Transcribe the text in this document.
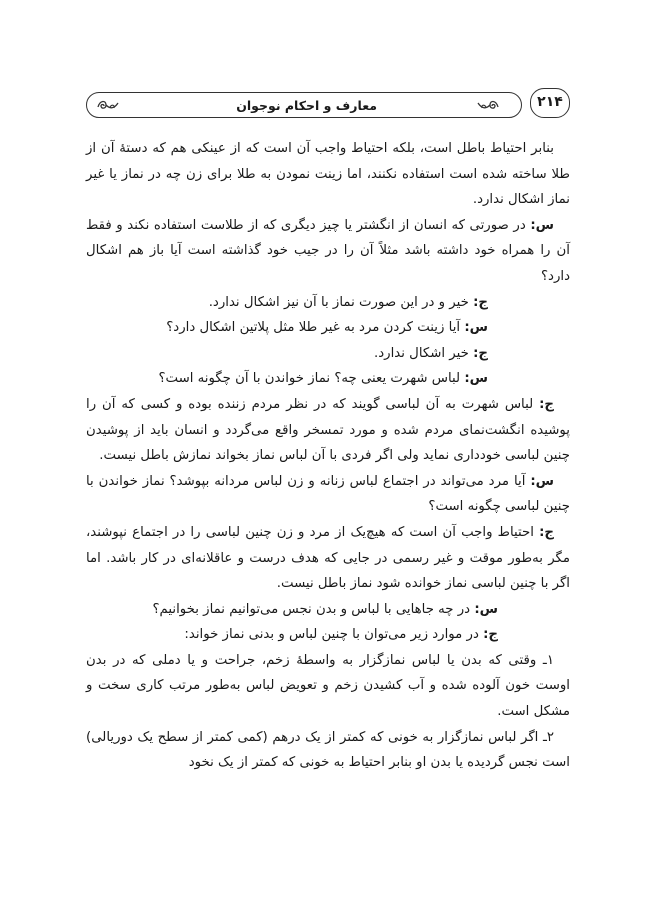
معارف و احکام نوجوان	۲۱۴

بنابر احتیاط باطل است، بلکه احتیاط واجب آن است که از عینکی هم که دستهٔ آن از طلا ساخته شده است استفاده نکنند، اما زینت نمودن به طلا برای زن چه در نماز یا غیر نماز اشکال ندارد.

س: در صورتی که انسان از انگشتر یا چیز دیگری که از طلاست استفاده نکند و فقط آن را همراه خود داشته باشد مثلاً آن را در جیب خود گذاشته است آیا باز هم اشکال دارد؟

ج: خیر و در این صورت نماز با آن نیز اشکال ندارد.

س: آیا زینت کردن مرد به غیر طلا مثل پلاتین اشکال دارد؟

ج: خیر اشکال ندارد.

س: لباس شهرت یعنی چه؟ نماز خواندن با آن چگونه است؟

ج: لباس شهرت به آن لباسی گویند که در نظر مردم زننده بوده و کسی که آن را پوشیده انگشت‌نمای مردم شده و مورد تمسخر واقع می‌گردد و انسان باید از پوشیدن چنین لباسی خودداری نماید ولی اگر فردی با آن لباس نماز بخواند نمازش باطل نیست.

س: آیا مرد می‌تواند در اجتماع لباس زنانه و زن لباس مردانه بپوشد؟ نماز خواندن با چنین لباسی چگونه است؟

ج: احتیاط واجب آن است که هیچ‌یک از مرد و زن چنین لباسی را در اجتماع نپوشند، مگر به‌طور موقت و غیر رسمی در جایی که هدف درست و عاقلانه‌ای در کار باشد. اما اگر با چنین لباسی نماز خوانده شود نماز باطل نیست.

س: در چه جاهایی با لباس و بدن نجس می‌توانیم نماز بخوانیم؟

ج: در موارد زیر می‌توان با چنین لباس و بدنی نماز خواند:

۱ـ وقتی که بدن یا لباس نمازگزار به واسطهٔ زخم، جراحت و یا دملی که در بدن اوست خون آلوده شده و آب کشیدن زخم و تعویض لباس به‌طور مرتب کاری سخت و مشکل است.

۲ـ اگر لباس نمازگزار به خونی که کمتر از یک درهم (کمی کمتر از سطح یک دوریالی) است نجس گردیده یا بدن او بنابر احتیاط به خونی که کمتر از یک نخود
